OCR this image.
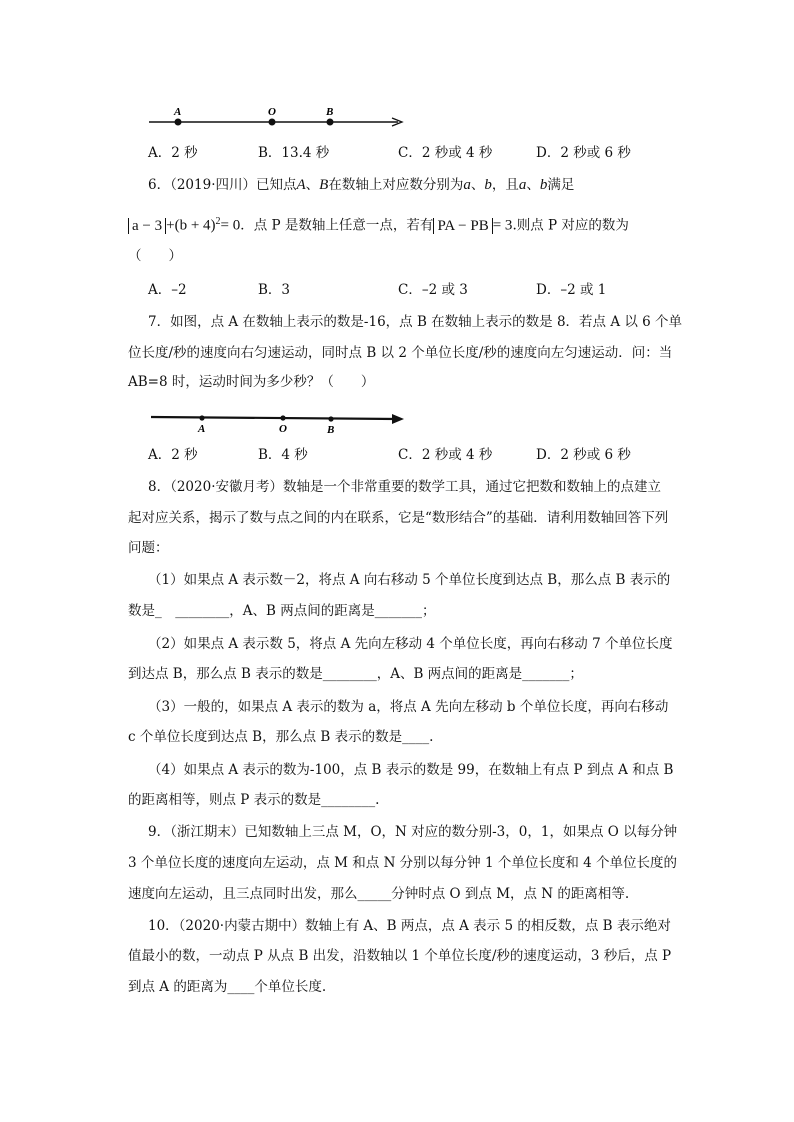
A	O	B
A．2 秒	B．13.4 秒	C．2 秒或 4 秒	D．2 秒或 6 秒
6．（2019·四川）已知点A、B在数轴上对应数分别为a、b，且a、b满足
$a - 3 +(b + 4)^2= 0$．点 P 是数轴上任意一点，若有 PA − PB = 3.则点 P 对应的数为
（　　）
A．–2	B．3	C．–2 或 3	D．–2 或 1
7．如图，点 A 在数轴上表示的数是-16，点 B 在数轴上表示的数是 8．若点 A 以 6 个单
位长度/秒的速度向右匀速运动，同时点 B 以 2 个单位长度/秒的速度向左匀速运动．问：当
AB=8 时，运动时间为多少秒？（　　）
A	O	B
A．2 秒	B．4 秒	C．2 秒或 4 秒	D．2 秒或 6 秒
8．（2020·安徽月考）数轴是一个非常重要的数学工具，通过它把数和数轴上的点建立
起对应关系，揭示了数与点之间的内在联系，它是“数形结合”的基础．请利用数轴回答下列
问题：
（1）如果点 A 表示数－2，将点 A 向右移动 5 个单位长度到达点 B，那么点 B 表示的
数是_　________，A、B 两点间的距离是_______；
（2）如果点 A 表示数 5，将点 A 先向左移动 4 个单位长度，再向右移动 7 个单位长度
到达点 B，那么点 B 表示的数是________，A、B 两点间的距离是_______；
（3）一般的，如果点 A 表示的数为 a，将点 A 先向左移动 b 个单位长度，再向右移动
c 个单位长度到达点 B，那么点 B 表示的数是____.
（4）如果点 A 表示的数为-100，点 B 表示的数是 99，在数轴上有点 P 到点 A 和点 B
的距离相等，则点 P 表示的数是________.
9．（浙江期末）已知数轴上三点 M，O，N 对应的数分别-3，0，1，如果点 O 以每分钟
3 个单位长度的速度向左运动，点 M 和点 N 分别以每分钟 1 个单位长度和 4 个单位长度的
速度向左运动，且三点同时出发，那么_____分钟时点 O 到点 M，点 N 的距离相等.
10．（2020·内蒙古期中）数轴上有 A、B 两点，点 A 表示 5 的相反数，点 B 表示绝对
值最小的数，一动点 P 从点 B 出发，沿数轴以 1 个单位长度/秒的速度运动，3 秒后，点 P
到点 A 的距离为____个单位长度.
